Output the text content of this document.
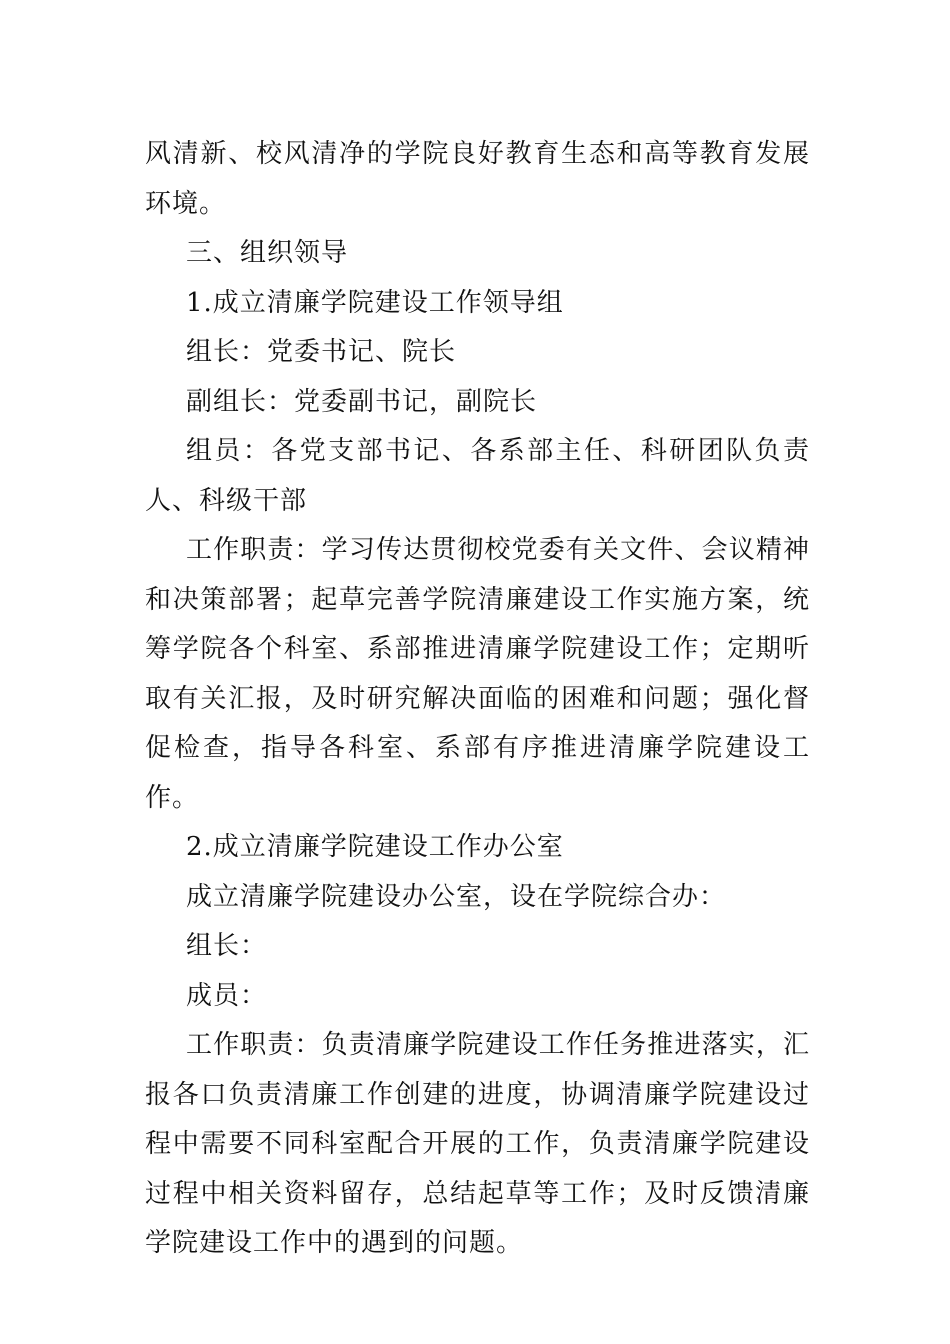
风清新、校风清净的学院良好教育生态和高等教育发展环境。

三、组织领导

1.成立清廉学院建设工作领导组

组长：党委书记、院长

副组长：党委副书记，副院长

组员：各党支部书记、各系部主任、科研团队负责人、科级干部

工作职责：学习传达贯彻校党委有关文件、会议精神和决策部署；起草完善学院清廉建设工作实施方案，统筹学院各个科室、系部推进清廉学院建设工作；定期听取有关汇报，及时研究解决面临的困难和问题；强化督促检查，指导各科室、系部有序推进清廉学院建设工作。

2.成立清廉学院建设工作办公室

成立清廉学院建设办公室，设在学院综合办：

组长：

成员：

工作职责：负责清廉学院建设工作任务推进落实，汇报各口负责清廉工作创建的进度，协调清廉学院建设过程中需要不同科室配合开展的工作，负责清廉学院建设过程中相关资料留存，总结起草等工作；及时反馈清廉学院建设工作中的遇到的问题。
